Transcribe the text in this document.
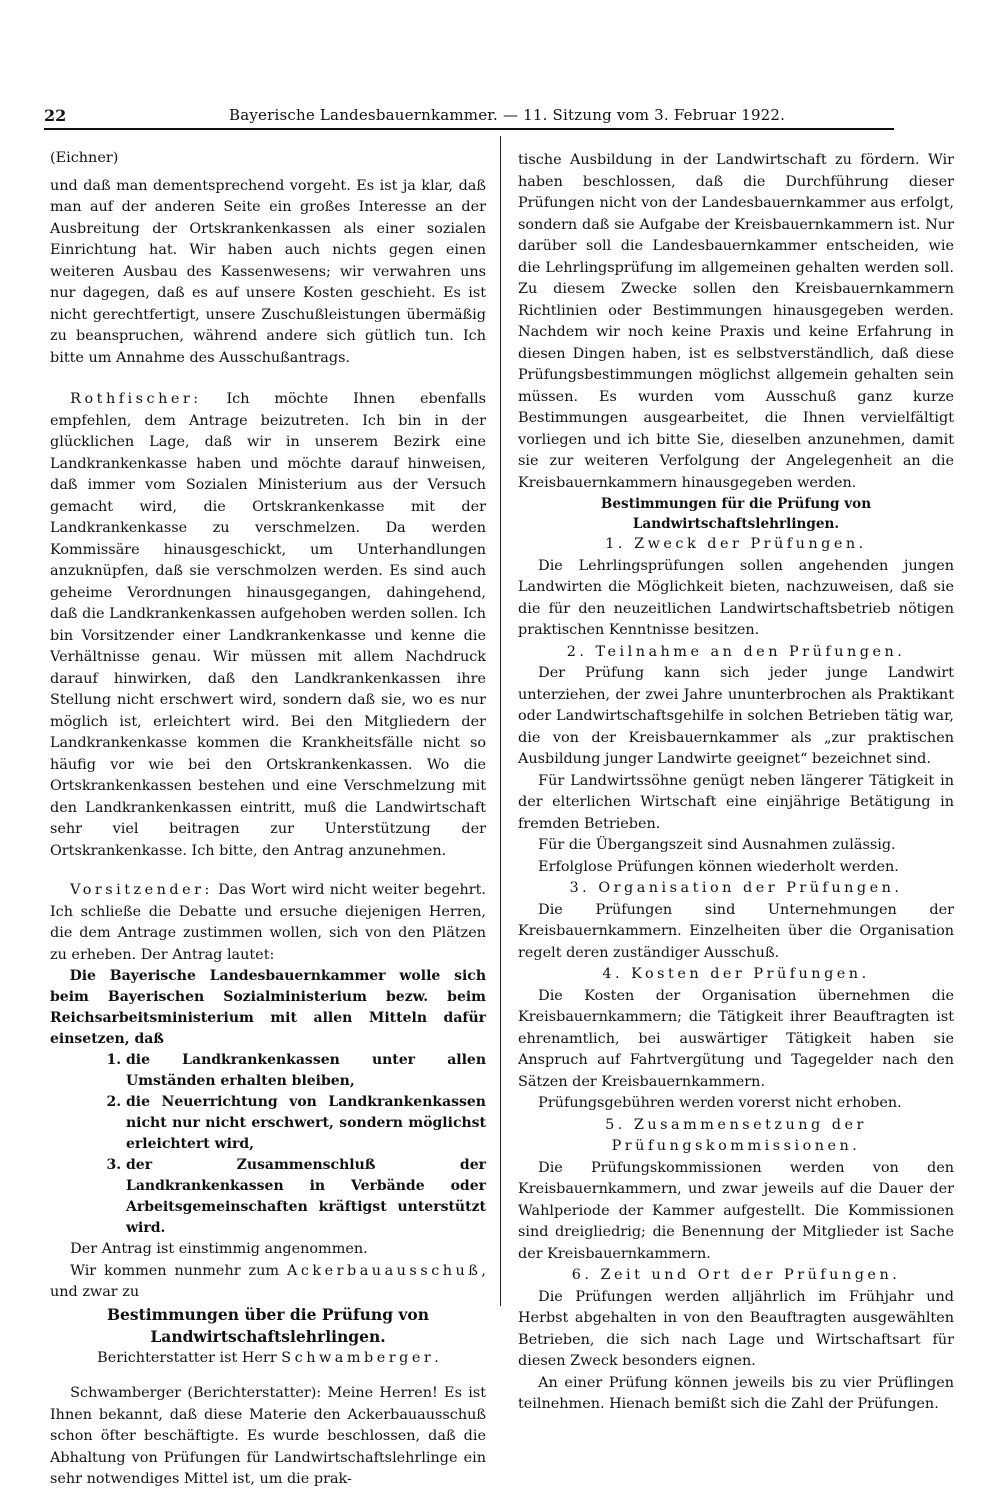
22	Bayerische Landesbauernkammer. — 11. Sitzung vom 3. Februar 1922.

(Eichner)

und daß man dementsprechend vorgeht. Es ist ja klar, daß man auf der anderen Seite ein großes Interesse an der Ausbreitung der Ortskrankenkassen als einer sozialen Einrichtung hat. Wir haben auch nichts gegen einen weiteren Ausbau des Kassenwesens; wir verwahren uns nur dagegen, daß es auf unsere Kosten geschieht. Es ist nicht gerechtfertigt, unsere Zuschußleistungen übermäßig zu beanspruchen, während andere sich gütlich tun. Ich bitte um Annahme des Ausschußantrags.

Rothfischer: Ich möchte Ihnen ebenfalls empfehlen, dem Antrage beizutreten. Ich bin in der glücklichen Lage, daß wir in unserem Bezirk eine Landkrankenkasse haben und möchte darauf hinweisen, daß immer vom Sozialen Ministerium aus der Versuch gemacht wird, die Ortskrankenkasse mit der Landkrankenkasse zu verschmelzen. Da werden Kommissäre hinausgeschickt, um Unterhandlungen anzuknüpfen, daß sie verschmolzen werden. Es sind auch geheime Verordnungen hinausgegangen, dahingehend, daß die Landkrankenkassen aufgehoben werden sollen. Ich bin Vorsitzender einer Landkrankenkasse und kenne die Verhältnisse genau. Wir müssen mit allem Nachdruck darauf hinwirken, daß den Landkrankenkassen ihre Stellung nicht erschwert wird, sondern daß sie, wo es nur möglich ist, erleichtert wird. Bei den Mitgliedern der Landkrankenkasse kommen die Krankheitsfälle nicht so häufig vor wie bei den Ortskrankenkassen. Wo die Ortskrankenkassen bestehen und eine Verschmelzung mit den Landkrankenkassen eintritt, muß die Landwirtschaft sehr viel beitragen zur Unterstützung der Ortskrankenkasse. Ich bitte, den Antrag anzunehmen.

Vorsitzender: Das Wort wird nicht weiter begehrt. Ich schließe die Debatte und ersuche diejenigen Herren, die dem Antrage zustimmen wollen, sich von den Plätzen zu erheben. Der Antrag lautet:

Die Bayerische Landesbauernkammer wolle sich beim Bayerischen Sozialministerium bezw. beim Reichsarbeitsministerium mit allen Mitteln dafür einsetzen, daß

1. die Landkrankenkassen unter allen Umständen erhalten bleiben,
2. die Neuerrichtung von Landkrankenkassen nicht nur nicht erschwert, sondern möglichst erleichtert wird,
3. der Zusammenschluß der Landkrankenkassen in Verbände oder Arbeitsgemeinschaften kräftigst unterstützt wird.

Der Antrag ist einstimmig angenommen.

Wir kommen nunmehr zum Ackerbauausschuß, und zwar zu

Bestimmungen über die Prüfung von Landwirtschaftslehrlingen.

Berichterstatter ist Herr Schwamberger.

Schwamberger (Berichterstatter): Meine Herren! Es ist Ihnen bekannt, daß diese Materie den Ackerbauausschuß schon öfter beschäftigte. Es wurde beschlossen, daß die Abhaltung von Prüfungen für Landwirtschaftslehrlinge ein sehr notwendiges Mittel ist, um die prak-

tische Ausbildung in der Landwirtschaft zu fördern. Wir haben beschlossen, daß die Durchführung dieser Prüfungen nicht von der Landesbauernkammer aus erfolgt, sondern daß sie Aufgabe der Kreisbauernkammern ist. Nur darüber soll die Landesbauernkammer entscheiden, wie die Lehrlingsprüfung im allgemeinen gehalten werden soll. Zu diesem Zwecke sollen den Kreisbauernkammern Richtlinien oder Bestimmungen hinausgegeben werden. Nachdem wir noch keine Praxis und keine Erfahrung in diesen Dingen haben, ist es selbstverständlich, daß diese Prüfungsbestimmungen möglichst allgemein gehalten sein müssen. Es wurden vom Ausschuß ganz kurze Bestimmungen ausgearbeitet, die Ihnen vervielfältigt vorliegen und ich bitte Sie, dieselben anzunehmen, damit sie zur weiteren Verfolgung der Angelegenheit an die Kreisbauernkammern hinausgegeben werden.

Bestimmungen für die Prüfung von Landwirtschaftslehrlingen.

1. Zweck der Prüfungen.

Die Lehrlingsprüfungen sollen angehenden jungen Landwirten die Möglichkeit bieten, nachzuweisen, daß sie die für den neuzeitlichen Landwirtschaftsbetrieb nötigen praktischen Kenntnisse besitzen.

2. Teilnahme an den Prüfungen.

Der Prüfung kann sich jeder junge Landwirt unterziehen, der zwei Jahre ununterbrochen als Praktikant oder Landwirtschaftsgehilfe in solchen Betrieben tätig war, die von der Kreisbauernkammer als „zur praktischen Ausbildung junger Landwirte geeignet“ bezeichnet sind.

Für Landwirtssöhne genügt neben längerer Tätigkeit in der elterlichen Wirtschaft eine einjährige Betätigung in fremden Betrieben.

Für die Übergangszeit sind Ausnahmen zulässig.

Erfolglose Prüfungen können wiederholt werden.

3. Organisation der Prüfungen.

Die Prüfungen sind Unternehmungen der Kreisbauernkammern. Einzelheiten über die Organisation regelt deren zuständiger Ausschuß.

4. Kosten der Prüfungen.

Die Kosten der Organisation übernehmen die Kreisbauernkammern; die Tätigkeit ihrer Beauftragten ist ehrenamtlich, bei auswärtiger Tätigkeit haben sie Anspruch auf Fahrtvergütung und Tagegelder nach den Sätzen der Kreisbauernkammern.

Prüfungsgebühren werden vorerst nicht erhoben.

5. Zusammensetzung der Prüfungskommissionen.

Die Prüfungskommissionen werden von den Kreisbauernkammern, und zwar jeweils auf die Dauer der Wahlperiode der Kammer aufgestellt. Die Kommissionen sind dreigliedrig; die Benennung der Mitglieder ist Sache der Kreisbauernkammern.

6. Zeit und Ort der Prüfungen.

Die Prüfungen werden alljährlich im Frühjahr und Herbst abgehalten in von den Beauftragten ausgewählten Betrieben, die sich nach Lage und Wirtschaftsart für diesen Zweck besonders eignen.

An einer Prüfung können jeweils bis zu vier Prüflingen teilnehmen. Hienach bemißt sich die Zahl der Prüfungen.
